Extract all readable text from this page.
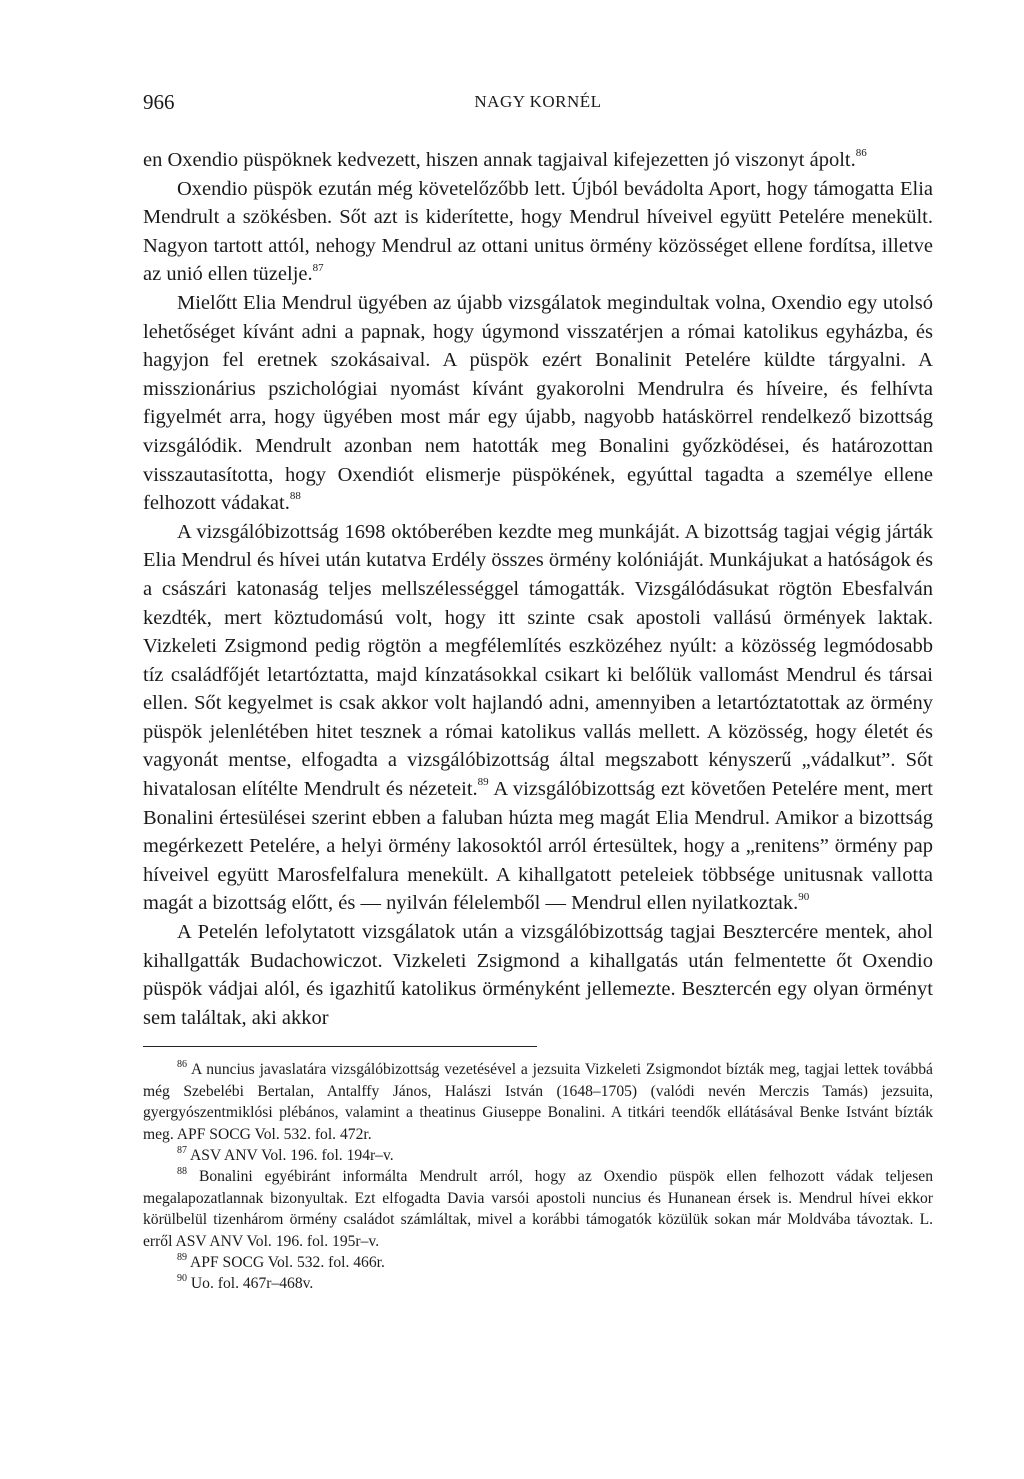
966	NAGY KORNÉL

en Oxendio püspöknek kedvezett, hiszen annak tagjaival kifejezetten jó viszonyt ápolt.$^{86}$

Oxendio püspök ezután még követelőzőbb lett. Újból bevádolta Aport, hogy támogatta Elia Mendrult a szökésben. Sőt azt is kiderítette, hogy Mendrul híveivel együtt Petelére menekült. Nagyon tartott attól, nehogy Mendrul az ottani unitus örmény közösséget ellene fordítsa, illetve az unió ellen tüzelje.$^{87}$

Mielőtt Elia Mendrul ügyében az újabb vizsgálatok megindultak volna, Oxendio egy utolsó lehetőséget kívánt adni a papnak, hogy úgymond visszatérjen a római katolikus egyházba, és hagyjon fel eretnek szokásaival. A püspök ezért Bonalinit Petelére küldte tárgyalni. A misszionárius pszichológiai nyomást kívánt gyakorolni Mendrulra és híveire, és felhívta figyelmét arra, hogy ügyében most már egy újabb, nagyobb hatáskörrel rendelkező bizottság vizsgálódik. Mendrult azonban nem hatották meg Bonalini győzködései, és határozottan visszautasította, hogy Oxendiót elismerje püspökének, egyúttal tagadta a személye ellene felhozott vádakat.$^{88}$

A vizsgálóbizottság 1698 októberében kezdte meg munkáját. A bizottság tagjai végig járták Elia Mendrul és hívei után kutatva Erdély összes örmény kolóniáját. Munkájukat a hatóságok és a császári katonaság teljes mellszélességgel támogatták. Vizsgálódásukat rögtön Ebesfalván kezdték, mert köztudomású volt, hogy itt szinte csak apostoli vallású örmények laktak. Vizkeleti Zsigmond pedig rögtön a megfélemlítés eszközéhez nyúlt: a közösség legmódosabb tíz családfőjét letartóztatta, majd kínzatásokkal csikart ki belőlük vallomást Mendrul és társai ellen. Sőt kegyelmet is csak akkor volt hajlandó adni, amennyiben a letartóztatottak az örmény püspök jelenlétében hitet tesznek a római katolikus vallás mellett. A közösség, hogy életét és vagyonát mentse, elfogadta a vizsgálóbizottság által megszabott kényszerű „vádalkut”. Sőt hivatalosan elítélte Mendrult és nézeteit.$^{89}$ A vizsgálóbizottság ezt követően Petelére ment, mert Bonalini értesülései szerint ebben a faluban húzta meg magát Elia Mendrul. Amikor a bizottság megérkezett Petelére, a helyi örmény lakosoktól arról értesültek, hogy a „renitens” örmény pap híveivel együtt Marosfelfalura menekült. A kihallgatott peteleiek többsége unitusnak vallotta magát a bizottság előtt, és — nyilván félelemből — Mendrul ellen nyilatkoztak.$^{90}$

A Petelén lefolytatott vizsgálatok után a vizsgálóbizottság tagjai Besztercére mentek, ahol kihallgatták Budachowiczot. Vizkeleti Zsigmond a kihallgatás után felmentette őt Oxendio püspök vádjai alól, és igazhitű katolikus örményként jellemezte. Besztercén egy olyan örményt sem találtak, aki akkor

$^{86}$ A nuncius javaslatára vizsgálóbizottság vezetésével a jezsuita Vizkeleti Zsigmondot bízták meg, tagjai lettek továbbá még Szebelébi Bertalan, Antalffy János, Halászi István (1648–1705) (valódi nevén Merczis Tamás) jezsuita, gyergyószentmiklósi plébános, valamint a theatinus Giuseppe Bonalini. A titkári teendők ellátásával Benke Istvánt bízták meg. APF SOCG Vol. 532. fol. 472r.

$^{87}$ ASV ANV Vol. 196. fol. 194r–v.

$^{88}$ Bonalini egyébiránt informálta Mendrult arról, hogy az Oxendio püspök ellen felhozott vádak teljesen megalapozatlannak bizonyultak. Ezt elfogadta Davia varsói apostoli nuncius és Hunanean érsek is. Mendrul hívei ekkor körülbelül tizenhárom örmény családot számláltak, mivel a korábbi támogatók közülük sokan már Moldvába távoztak. L. erről ASV ANV Vol. 196. fol. 195r–v.

$^{89}$ APF SOCG Vol. 532. fol. 466r.

$^{90}$ Uo. fol. 467r–468v.
